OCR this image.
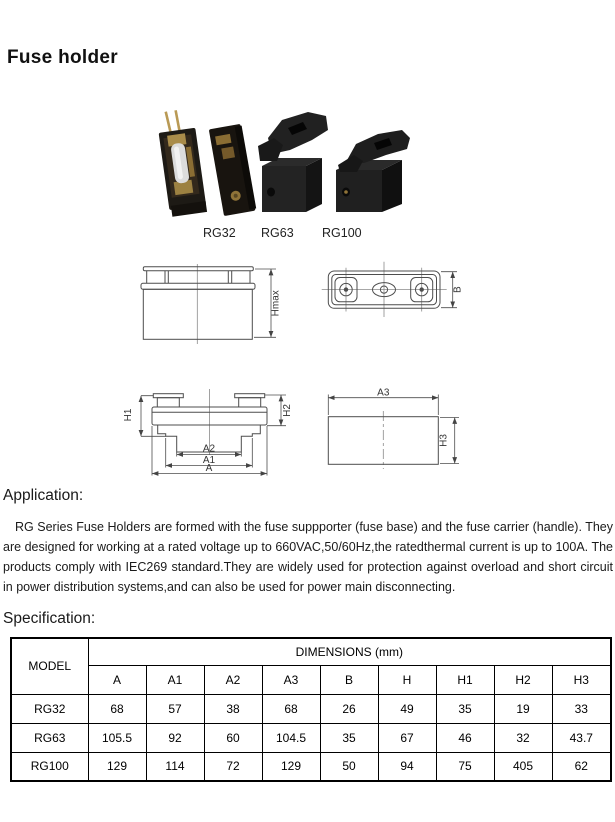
Fuse holder
RG32 RG63 RG100
Hmax
B
H1	H2
A2
A1
A
A3
H3
Application:

RG Series Fuse Holders are formed with the fuse suppporter (fuse base) and the fuse carrier (handle). They are designed for working at a rated voltage up to 660VAC,50/60Hz,the ratedthermal current is up to 100A. The products comply with IEC269 standard.They are widely used for protection against overload and short circuit in power distribution systems,and can also be used for power main disconnecting.

Specification:
MODEL	DIMENSIONS (mm)								
	A	A1	A2	A3	B	H	H1	H2	H3
RG32	68	57	38	68	26	49	35	19	33
RG63	105.5	92	60	104.5	35	67	46	32	43.7
RG100	129	114	72	129	50	94	75	405	62
